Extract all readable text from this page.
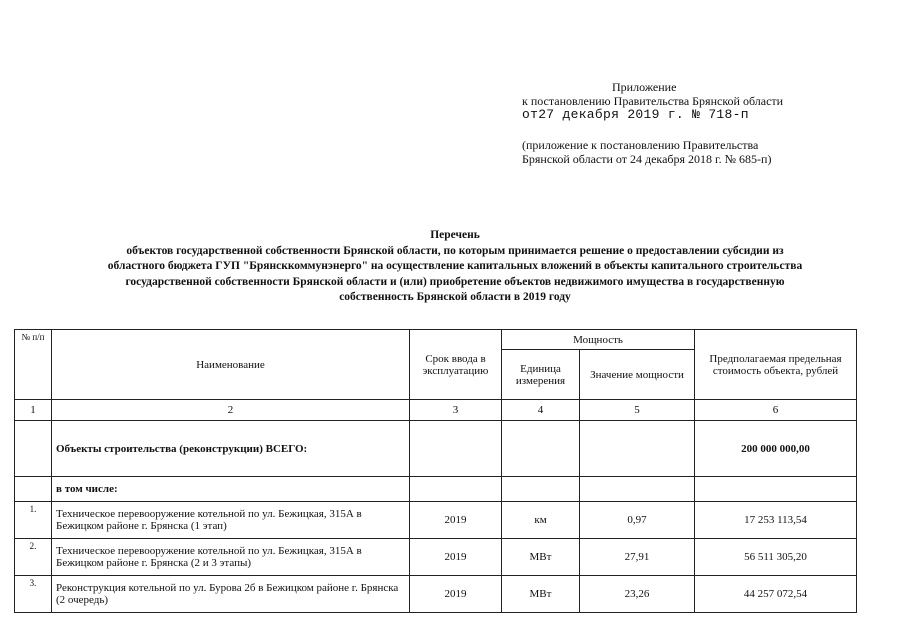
Приложение
к постановлению Правительства Брянской области
от27 декабря 2019 г. № 718-п
(приложение к постановлению Правительства
Брянской области от 24 декабря 2018 г. № 685-п)
Перечень
объектов государственной собственности Брянской области, по которым принимается решение о предоставлении субсидии из
областного бюджета ГУП "Брянсккоммунэнерго" на осуществление капитальных вложений в объекты капитального строительства
государственной собственности Брянской области и (или) приобретение объектов недвижимого имущества в государственную
собственность Брянской области в 2019 году
№ п/п	Наименование	Срок ввода в эксплуатацию	Мощность		Предполагаемая предельная стоимость объекта, рублей
			Единица измерения	Значение мощности	
1	2	3	4	5	6
	Объекты строительства (реконструкции) ВСЕГО:				200 000 000,00
	в том числе:				
1.	Техническое перевооружение котельной по ул. Бежицкая, 315А в Бежицком районе г. Брянска (1 этап)	2019	км	0,97	17 253 113,54
2.	Техническое перевооружение котельной по ул. Бежицкая, 315А в Бежицком районе г. Брянска (2 и 3 этапы)	2019	МВт	27,91	56 511 305,20
3.	Реконструкция котельной по ул. Бурова 2б в Бежицком районе г. Брянска (2 очередь)	2019	МВт	23,26	44 257 072,54
